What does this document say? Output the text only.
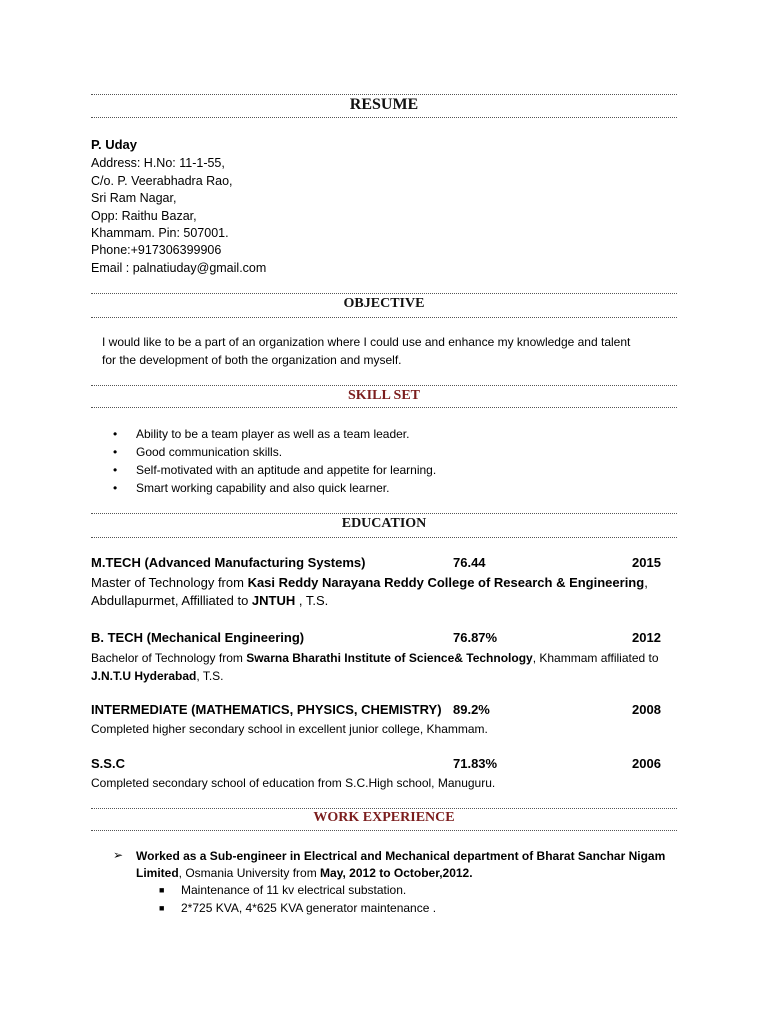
RESUME
P. Uday
Address: H.No: 11-1-55,
C/o. P. Veerabhadra Rao,
Sri Ram Nagar,
Opp: Raithu Bazar,
Khammam. Pin: 507001.
Phone:+917306399906
Email : palnatiuday@gmail.com
OBJECTIVE
I would like to be a part of an organization where I could use and enhance my knowledge and talent
for the development of both the organization and myself.
SKILL SET
• Ability to be a team player as well as a team leader.
• Good communication skills.
• Self-motivated with an aptitude and appetite for learning.
• Smart working capability and also quick learner.
EDUCATION
M.TECH (Advanced Manufacturing Systems)	76.44	2015
Master of Technology from Kasi Reddy Narayana Reddy College of Research & Engineering,
Abdullapurmet, Affilliated to JNTUH , T.S.
B. TECH (Mechanical Engineering)	76.87%	2012
Bachelor of Technology from Swarna Bharathi Institute of Science& Technology, Khammam affiliated to
J.N.T.U Hyderabad, T.S.
INTERMEDIATE (MATHEMATICS, PHYSICS, CHEMISTRY) 89.2%	2008
Completed higher secondary school in excellent junior college, Khammam.
S.S.C	71.83%	2006
Completed secondary school of education from S.C.High school, Manuguru.
WORK EXPERIENCE
➢ Worked as a Sub-engineer in Electrical and Mechanical department of Bharat Sanchar Nigam
Limited, Osmania University from May, 2012 to October,2012.
■ Maintenance of 11 kv electrical substation.
■ 2*725 KVA, 4*625 KVA generator maintenance .
